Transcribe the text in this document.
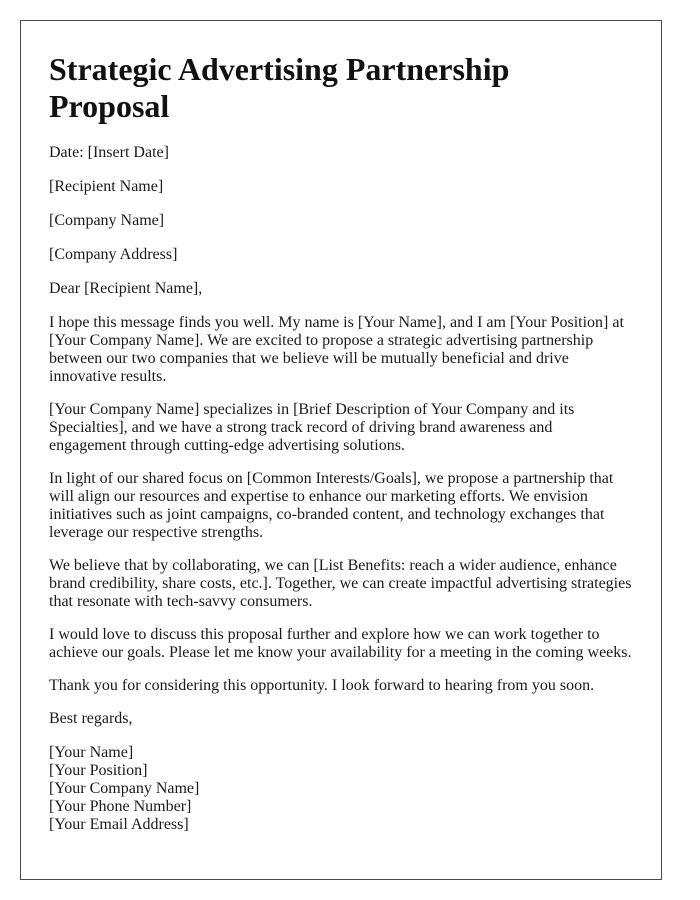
Strategic Advertising Partnership Proposal

Date: [Insert Date]

[Recipient Name]

[Company Name]

[Company Address]

Dear [Recipient Name],

I hope this message finds you well. My name is [Your Name], and I am [Your Position] at [Your Company Name]. We are excited to propose a strategic advertising partnership between our two companies that we believe will be mutually beneficial and drive innovative results.

[Your Company Name] specializes in [Brief Description of Your Company and its Specialties], and we have a strong track record of driving brand awareness and engagement through cutting-edge advertising solutions.

In light of our shared focus on [Common Interests/Goals], we propose a partnership that will align our resources and expertise to enhance our marketing efforts. We envision initiatives such as joint campaigns, co-branded content, and technology exchanges that leverage our respective strengths.

We believe that by collaborating, we can [List Benefits: reach a wider audience, enhance brand credibility, share costs, etc.]. Together, we can create impactful advertising strategies that resonate with tech-savvy consumers.

I would love to discuss this proposal further and explore how we can work together to achieve our goals. Please let me know your availability for a meeting in the coming weeks.

Thank you for considering this opportunity. I look forward to hearing from you soon.

Best regards,

[Your Name]

[Your Position]

[Your Company Name]

[Your Phone Number]

[Your Email Address]
